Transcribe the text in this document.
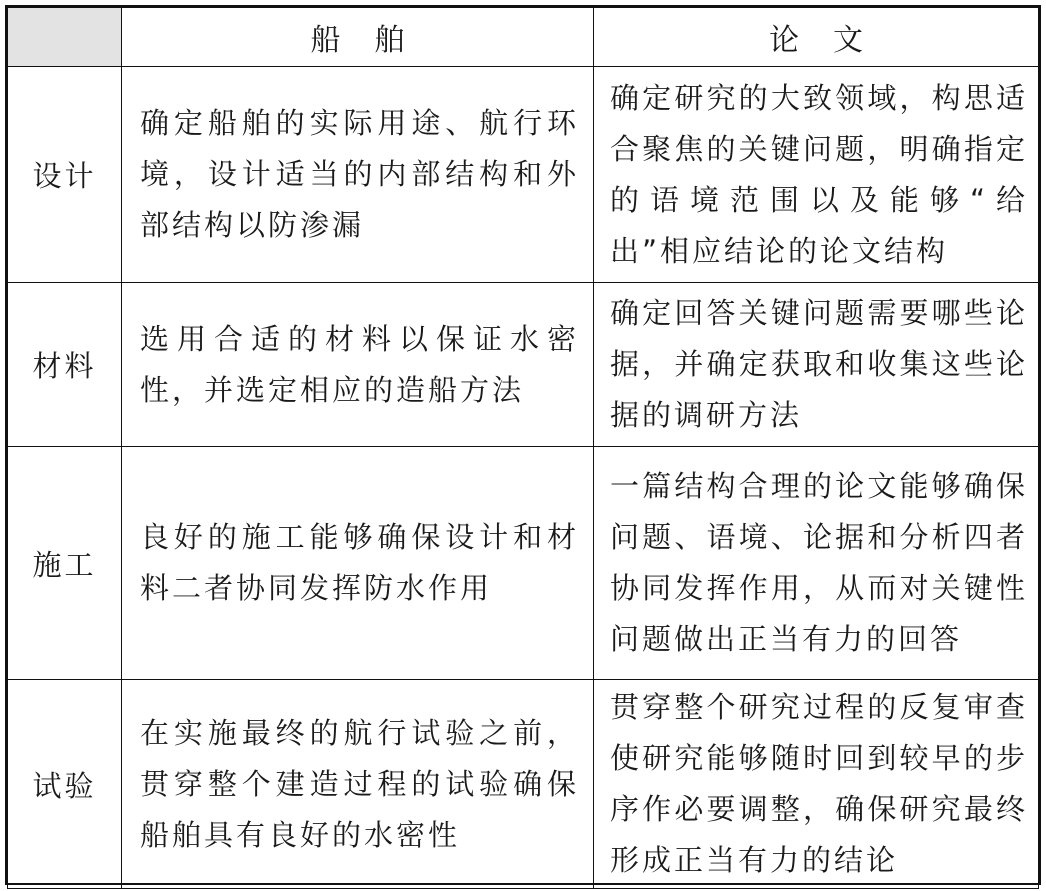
	船舶	论文
设计	确定船舶的实际用途、航行环境，设计适当的内部结构和外部结构以防渗漏	确定研究的大致领域，构思适合聚焦的关键问题，明确指定的语境范围以及能够“给出”相应结论的论文结构
材料	选用合适的材料以保证水密性，并选定相应的造船方法	确定回答关键问题需要哪些论据，并确定获取和收集这些论据的调研方法
施工	良好的施工能够确保设计和材料二者协同发挥防水作用	一篇结构合理的论文能够确保问题、语境、论据和分析四者协同发挥作用，从而对关键性问题做出正当有力的回答
试验	在实施最终的航行试验之前，贯穿整个建造过程的试验确保船舶具有良好的水密性	贯穿整个研究过程的反复审查使研究能够随时回到较早的步序作必要调整，确保研究最终形成正当有力的结论
